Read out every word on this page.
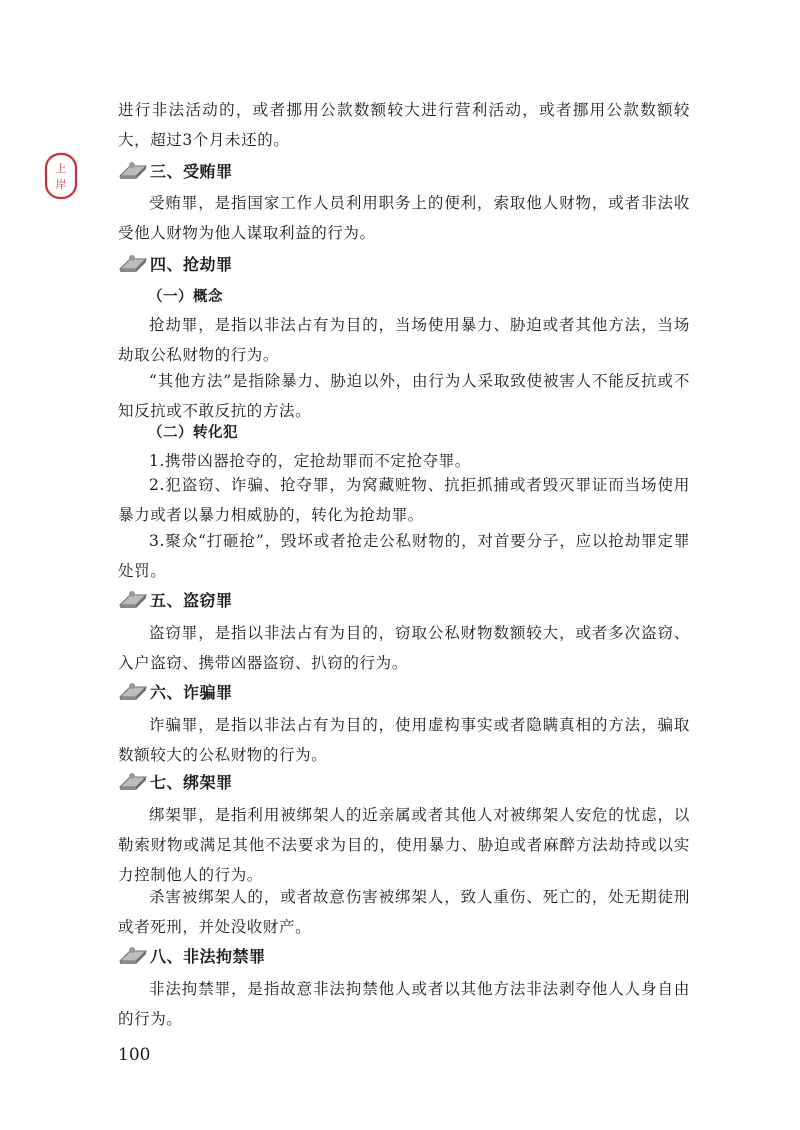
上
岸

进行非法活动的，或者挪用公款数额较大进行营利活动，或者挪用公款数额较大，超过3个月未还的。

三、受贿罪

受贿罪，是指国家工作人员利用职务上的便利，索取他人财物，或者非法收受他人财物为他人谋取利益的行为。

四、抢劫罪
（一）概念

抢劫罪，是指以非法占有为目的，当场使用暴力、胁迫或者其他方法，当场劫取公私财物的行为。

“其他方法”是指除暴力、胁迫以外，由行为人采取致使被害人不能反抗或不知反抗或不敢反抗的方法。

（二）转化犯

1.携带凶器抢夺的，定抢劫罪而不定抢夺罪。

2.犯盗窃、诈骗、抢夺罪，为窝藏赃物、抗拒抓捕或者毁灭罪证而当场使用暴力或者以暴力相威胁的，转化为抢劫罪。

3.聚众“打砸抢”，毁坏或者抢走公私财物的，对首要分子，应以抢劫罪定罪处罚。

五、盗窃罪

盗窃罪，是指以非法占有为目的，窃取公私财物数额较大，或者多次盗窃、入户盗窃、携带凶器盗窃、扒窃的行为。

六、诈骗罪

诈骗罪，是指以非法占有为目的，使用虚构事实或者隐瞒真相的方法，骗取数额较大的公私财物的行为。

七、绑架罪

绑架罪，是指利用被绑架人的近亲属或者其他人对被绑架人安危的忧虑，以勒索财物或满足其他不法要求为目的，使用暴力、胁迫或者麻醉方法劫持或以实力控制他人的行为。

杀害被绑架人的，或者故意伤害被绑架人，致人重伤、死亡的，处无期徒刑或者死刑，并处没收财产。

八、非法拘禁罪

非法拘禁罪，是指故意非法拘禁他人或者以其他方法非法剥夺他人人身自由的行为。

100
